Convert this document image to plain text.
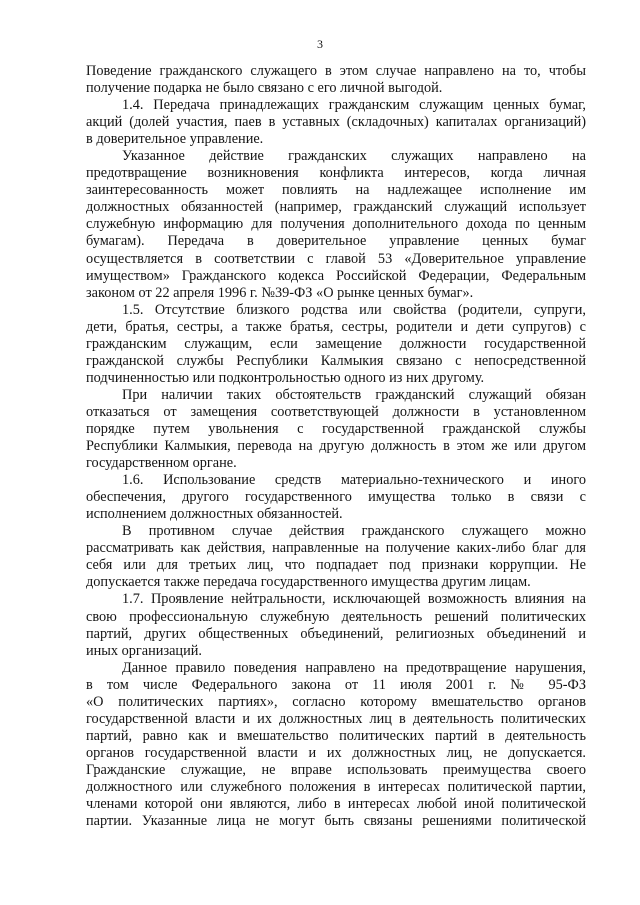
3
Поведение гражданского служащего в этом случае направлено на то, чтобы
получение подарка не было связано с его личной выгодой.
1.4. Передача принадлежащих гражданским служащим ценных бумаг,
акций (долей участия, паев в уставных (складочных) капиталах организаций)
в доверительное управление.
Указанное действие гражданских служащих направлено на
предотвращение возникновения конфликта интересов, когда личная
заинтересованность может повлиять на надлежащее исполнение им
должностных обязанностей (например, гражданский служащий использует
служебную информацию для получения дополнительного дохода по ценным
бумагам). Передача в доверительное управление ценных бумаг
осуществляется в соответствии с главой 53 «Доверительное управление
имуществом» Гражданского кодекса Российской Федерации, Федеральным
законом от 22 апреля 1996 г. №39-ФЗ «О рынке ценных бумаг».
1.5. Отсутствие близкого родства или свойства (родители, супруги,
дети, братья, сестры, а также братья, сестры, родители и дети супругов) с
гражданским служащим, если замещение должности государственной
гражданской службы Республики Калмыкия связано с непосредственной
подчиненностью или подконтрольностью одного из них другому.
При наличии таких обстоятельств гражданский служащий обязан
отказаться от замещения соответствующей должности в установленном
порядке путем увольнения с государственной гражданской службы
Республики Калмыкия, перевода на другую должность в этом же или другом
государственном органе.
1.6. Использование средств материально-технического и иного
обеспечения, другого государственного имущества только в связи с
исполнением должностных обязанностей.
В противном случае действия гражданского служащего можно
рассматривать как действия, направленные на получение каких-либо благ для
себя или для третьих лиц, что подпадает под признаки коррупции. Не
допускается также передача государственного имущества другим лицам.
1.7. Проявление нейтральности, исключающей возможность влияния на
свою профессиональную служебную деятельность решений политических
партий, других общественных объединений, религиозных объединений и
иных организаций.
Данное правило поведения направлено на предотвращение нарушения,
в том числе Федерального закона от 11 июля 2001 г. № 95-ФЗ
«О политических партиях», согласно которому вмешательство органов
государственной власти и их должностных лиц в деятельность политических
партий, равно как и вмешательство политических партий в деятельность
органов государственной власти и их должностных лиц, не допускается.
Гражданские служащие, не вправе использовать преимущества своего
должностного или служебного положения в интересах политической партии,
членами которой они являются, либо в интересах любой иной политической
партии. Указанные лица не могут быть связаны решениями политической
